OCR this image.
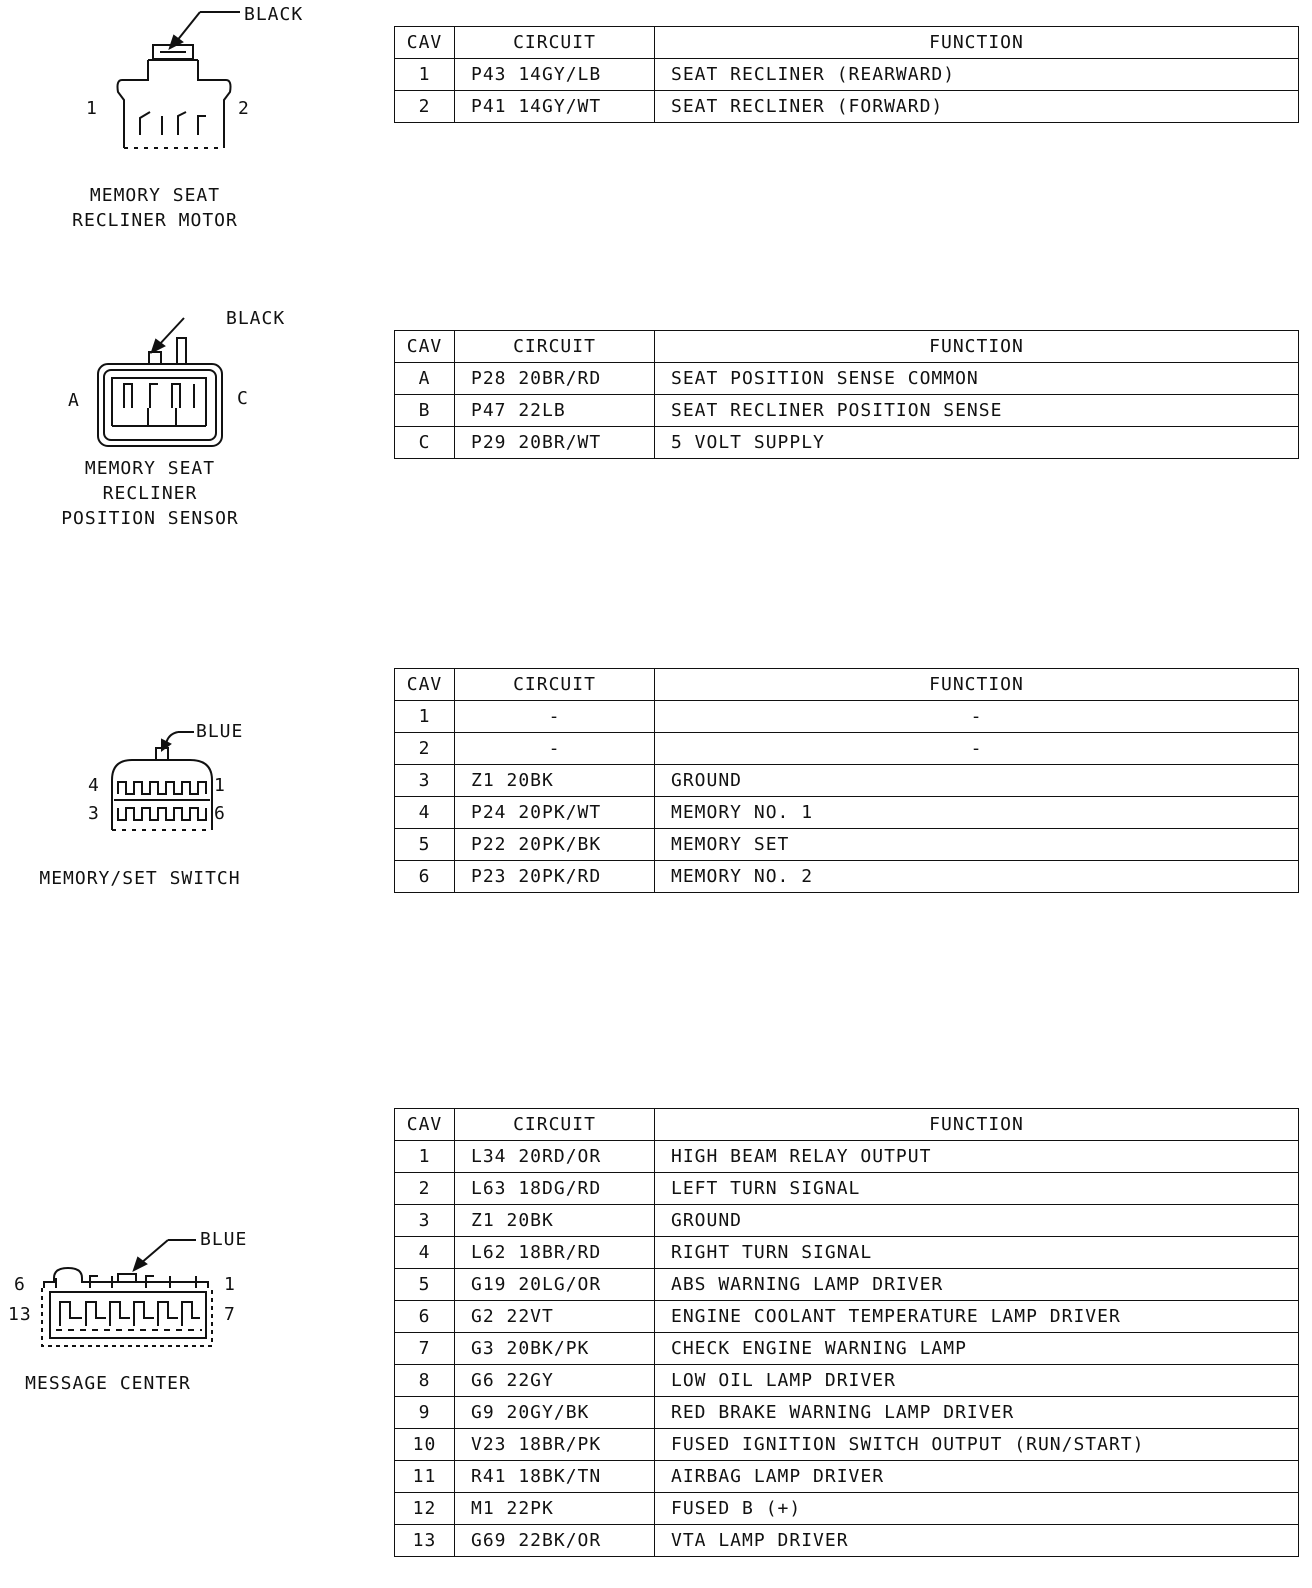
BLACK
1	2
MEMORY SEAT
RECLINER MOTOR
CAV	CIRCUIT	FUNCTION
1	P43 14GY/LB	SEAT RECLINER (REARWARD)
2	P41 14GY/WT	SEAT RECLINER (FORWARD)
BLACK
A	C
MEMORY SEAT
RECLINER
POSITION SENSOR
CAV	CIRCUIT	FUNCTION
A	P28 20BR/RD	SEAT POSITION SENSE COMMON
B	P47 22LB	SEAT RECLINER POSITION SENSE
C	P29 20BR/WT	5 VOLT SUPPLY
BLUE
4	1
3	6
MEMORY/SET SWITCH
CAV	CIRCUIT	FUNCTION
1	-	-
2	-	-
3	Z1 20BK	GROUND
4	P24 20PK/WT	MEMORY NO. 1
5	P22 20PK/BK	MEMORY SET
6	P23 20PK/RD	MEMORY NO. 2
BLUE
6	1
13	7
MESSAGE CENTER
CAV	CIRCUIT	FUNCTION
1	L34 20RD/OR	HIGH BEAM RELAY OUTPUT
2	L63 18DG/RD	LEFT TURN SIGNAL
3	Z1 20BK	GROUND
4	L62 18BR/RD	RIGHT TURN SIGNAL
5	G19 20LG/OR	ABS WARNING LAMP DRIVER
6	G2 22VT	ENGINE COOLANT TEMPERATURE LAMP DRIVER
7	G3 20BK/PK	CHECK ENGINE WARNING LAMP
8	G6 22GY	LOW OIL LAMP DRIVER
9	G9 20GY/BK	RED BRAKE WARNING LAMP DRIVER
10	V23 18BR/PK	FUSED IGNITION SWITCH OUTPUT (RUN/START)
11	R41 18BK/TN	AIRBAG LAMP DRIVER
12	M1 22PK	FUSED B (+)
13	G69 22BK/OR	VTA LAMP DRIVER
